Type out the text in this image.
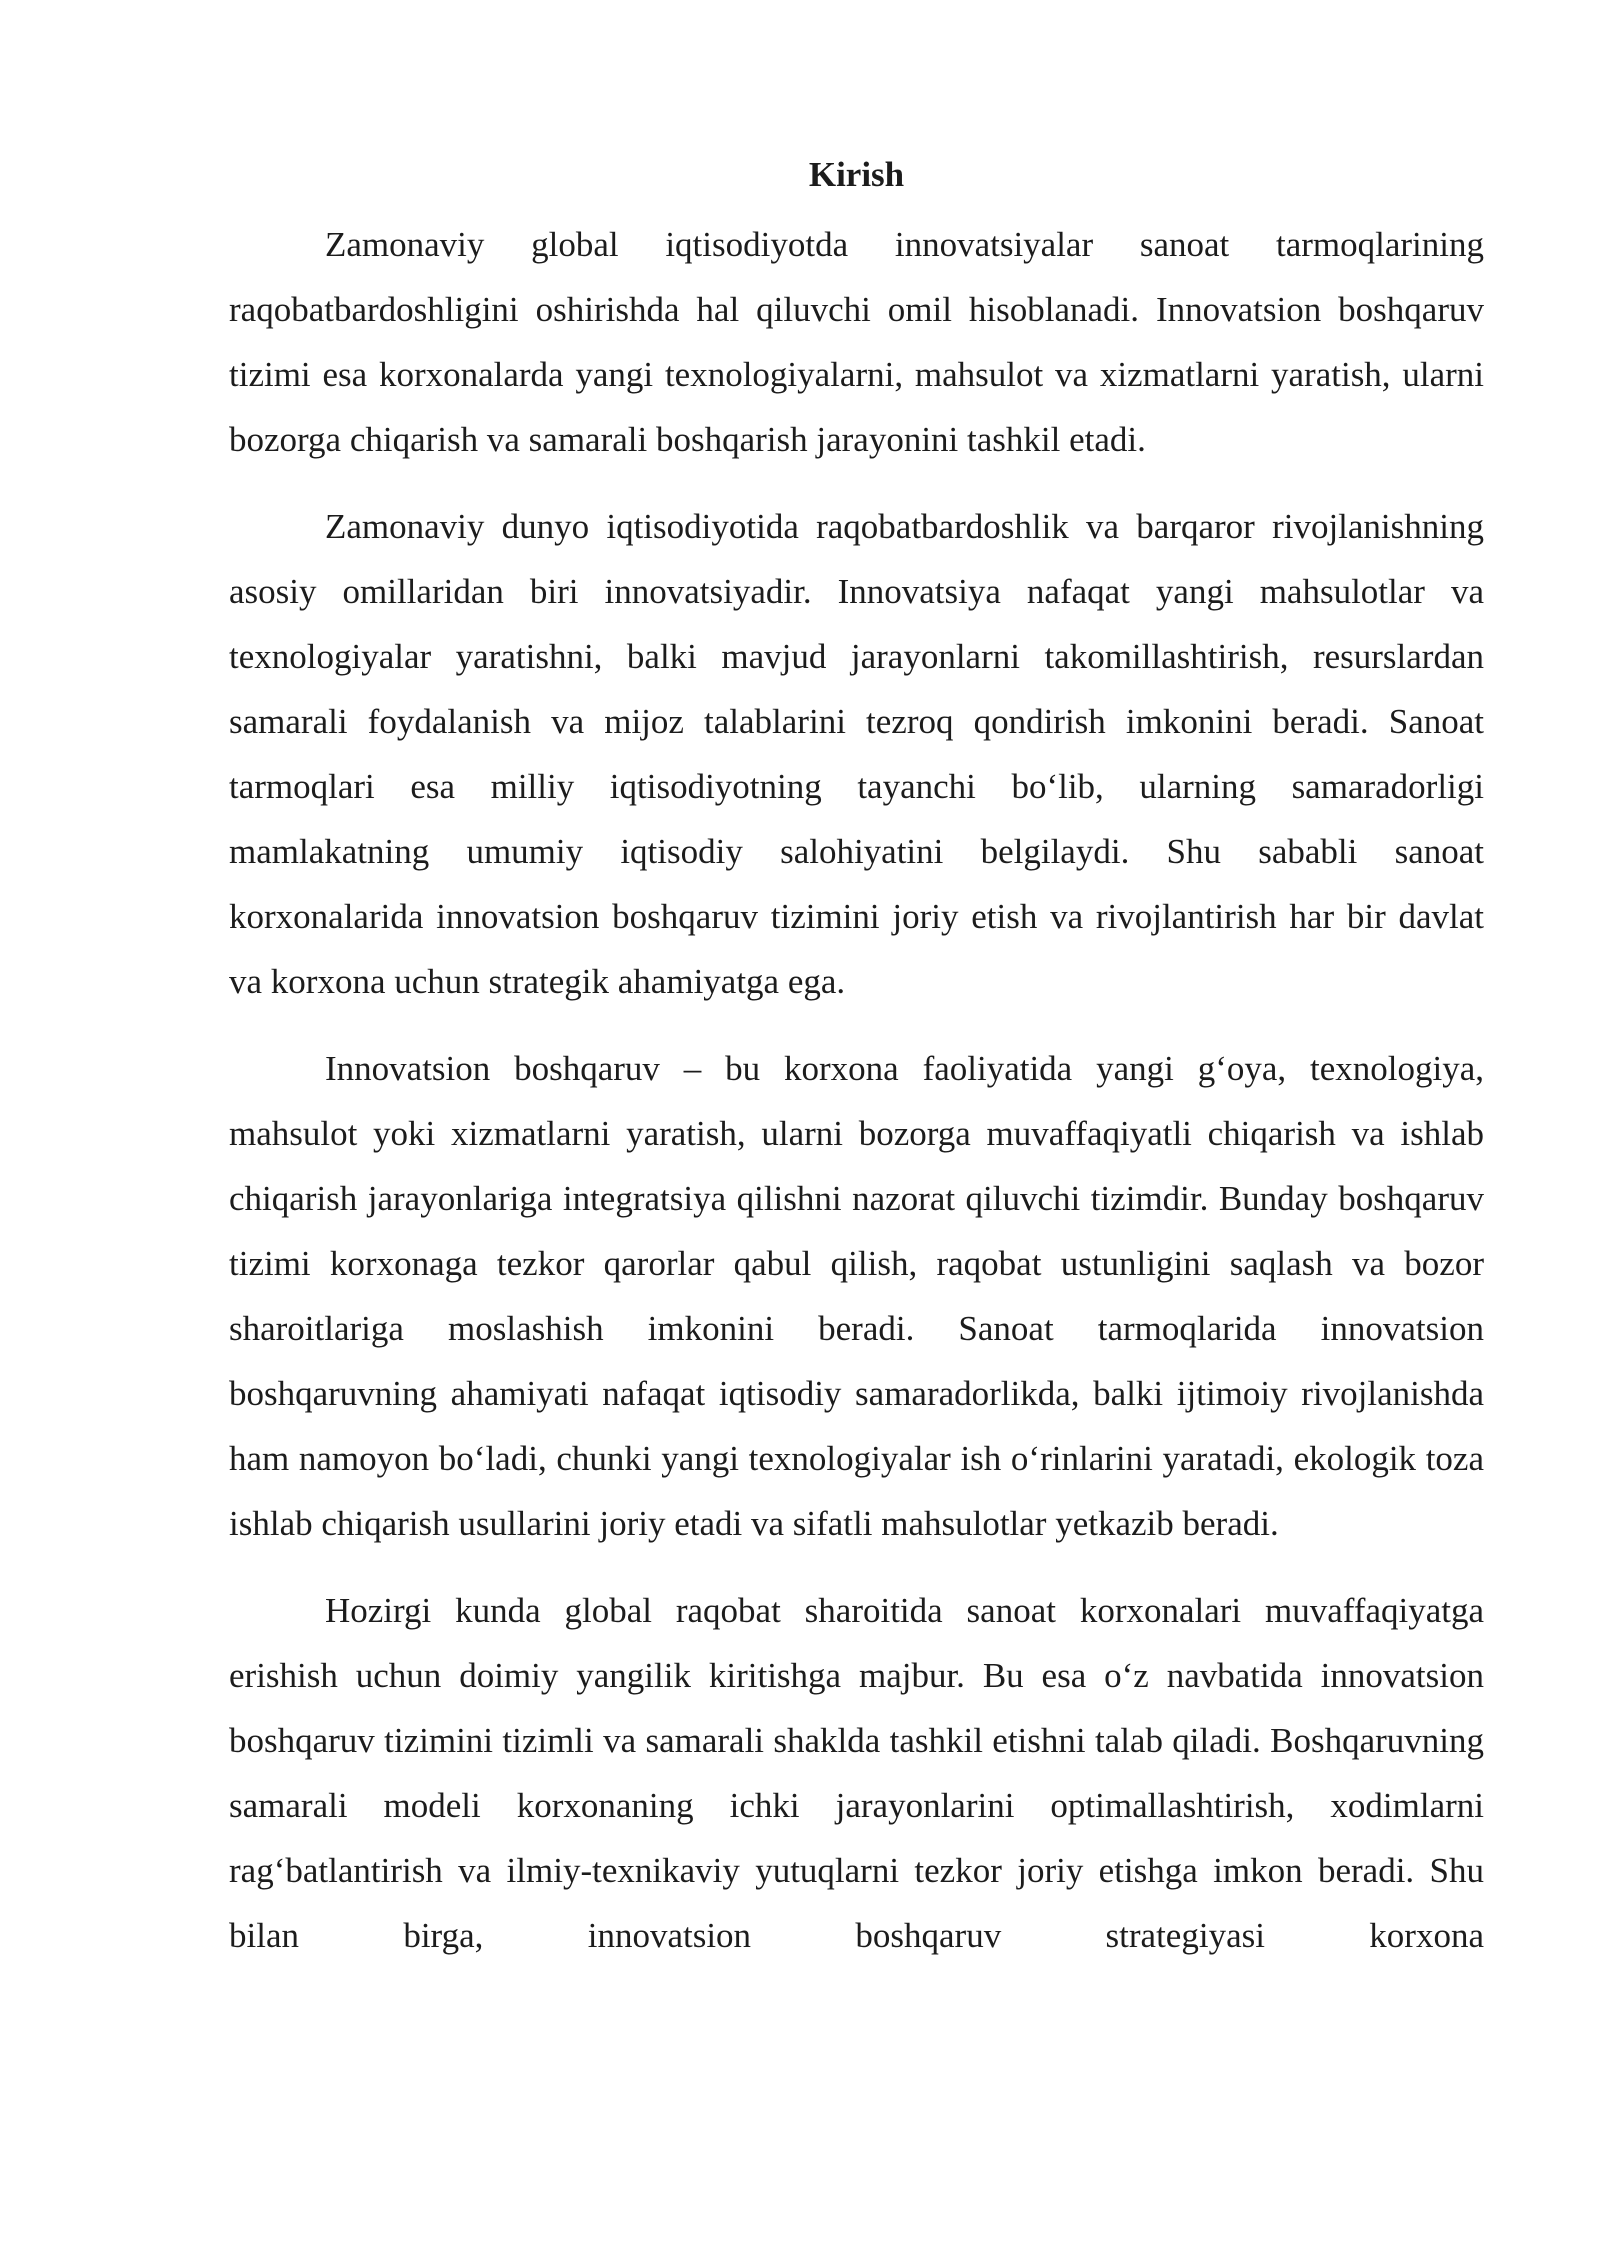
Kirish

Zamonaviy global iqtisodiyotda innovatsiyalar sanoat tarmoqlarining raqobatbardoshligini oshirishda hal qiluvchi omil hisoblanadi. Innovatsion boshqaruv tizimi esa korxonalarda yangi texnologiyalarni, mahsulot va xizmatlarni yaratish, ularni bozorga chiqarish va samarali boshqarish jarayonini tashkil etadi.

Zamonaviy dunyo iqtisodiyotida raqobatbardoshlik va barqaror rivojlanishning asosiy omillaridan biri innovatsiyadir. Innovatsiya nafaqat yangi mahsulotlar va texnologiyalar yaratishni, balki mavjud jarayonlarni takomillashtirish, resurslardan samarali foydalanish va mijoz talablarini tezroq qondirish imkonini beradi. Sanoat tarmoqlari esa milliy iqtisodiyotning tayanchi bo‘lib, ularning samaradorligi mamlakatning umumiy iqtisodiy salohiyatini belgilaydi. Shu sababli sanoat korxonalarida innovatsion boshqaruv tizimini joriy etish va rivojlantirish har bir davlat va korxona uchun strategik ahamiyatga ega.

Innovatsion boshqaruv – bu korxona faoliyatida yangi g‘oya, texnologiya, mahsulot yoki xizmatlarni yaratish, ularni bozorga muvaffaqiyatli chiqarish va ishlab chiqarish jarayonlariga integratsiya qilishni nazorat qiluvchi tizimdir. Bunday boshqaruv tizimi korxonaga tezkor qarorlar qabul qilish, raqobat ustunligini saqlash va bozor sharoitlariga moslashish imkonini beradi. Sanoat tarmoqlarida innovatsion boshqaruvning ahamiyati nafaqat iqtisodiy samaradorlikda, balki ijtimoiy rivojlanishda ham namoyon bo‘ladi, chunki yangi texnologiyalar ish o‘rinlarini yaratadi, ekologik toza ishlab chiqarish usullarini joriy etadi va sifatli mahsulotlar yetkazib beradi.

Hozirgi kunda global raqobat sharoitida sanoat korxonalari muvaffaqiyatga erishish uchun doimiy yangilik kiritishga majbur. Bu esa o‘z navbatida innovatsion boshqaruv tizimini tizimli va samarali shaklda tashkil etishni talab qiladi. Boshqaruvning samarali modeli korxonaning ichki jarayonlarini optimallashtirish, xodimlarni rag‘batlantirish va ilmiy-texnikaviy yutuqlarni tezkor joriy etishga imkon beradi. Shu bilan birga, innovatsion boshqaruv strategiyasi korxona
